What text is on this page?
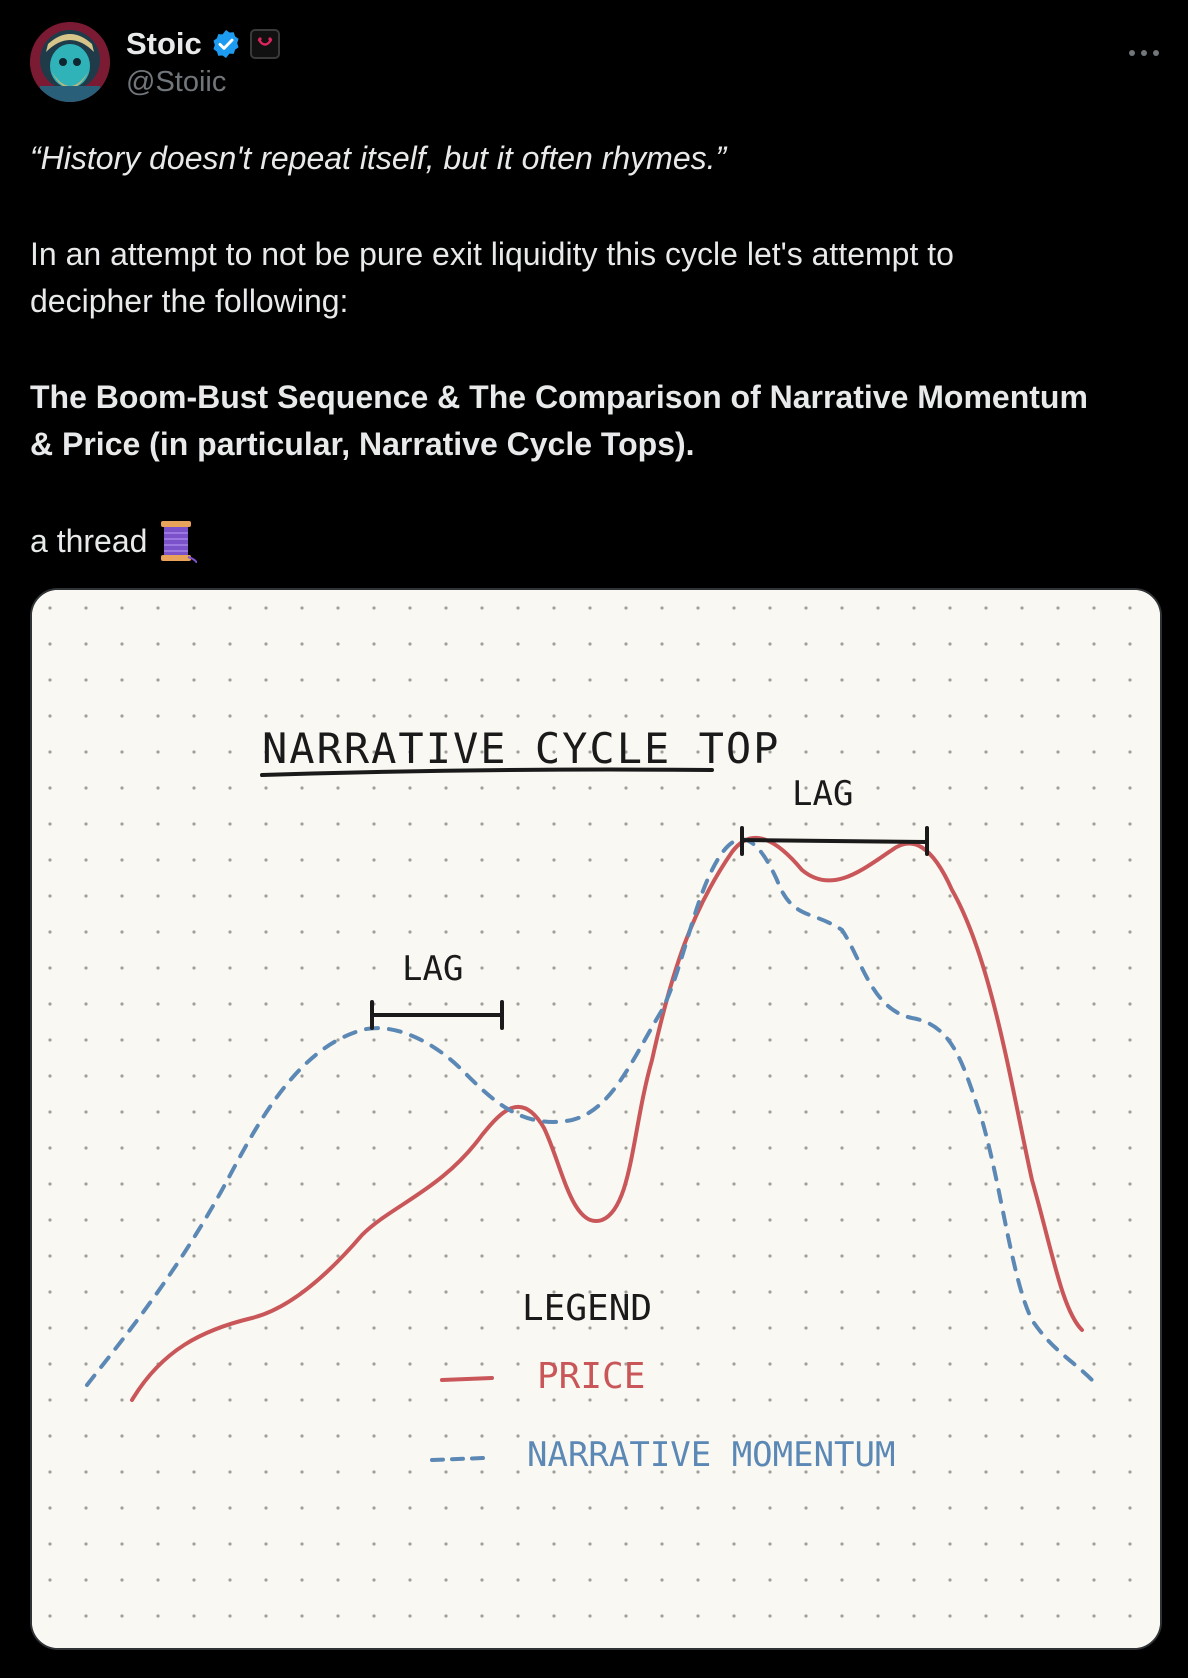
Stoic
@Stoiic
“History doesn't repeat itself, but it often rhymes.”
In an attempt to not be pure exit liquidity this cycle let's attempt to
decipher the following:
The Boom-Bust Sequence & The Comparison of Narrative Momentum
& Price (in particular, Narrative Cycle Tops).
a thread
NARRATIVE CYCLE TOP
LAG
LAG
LEGEND
PRICE
NARRATIVE MOMENTUM
